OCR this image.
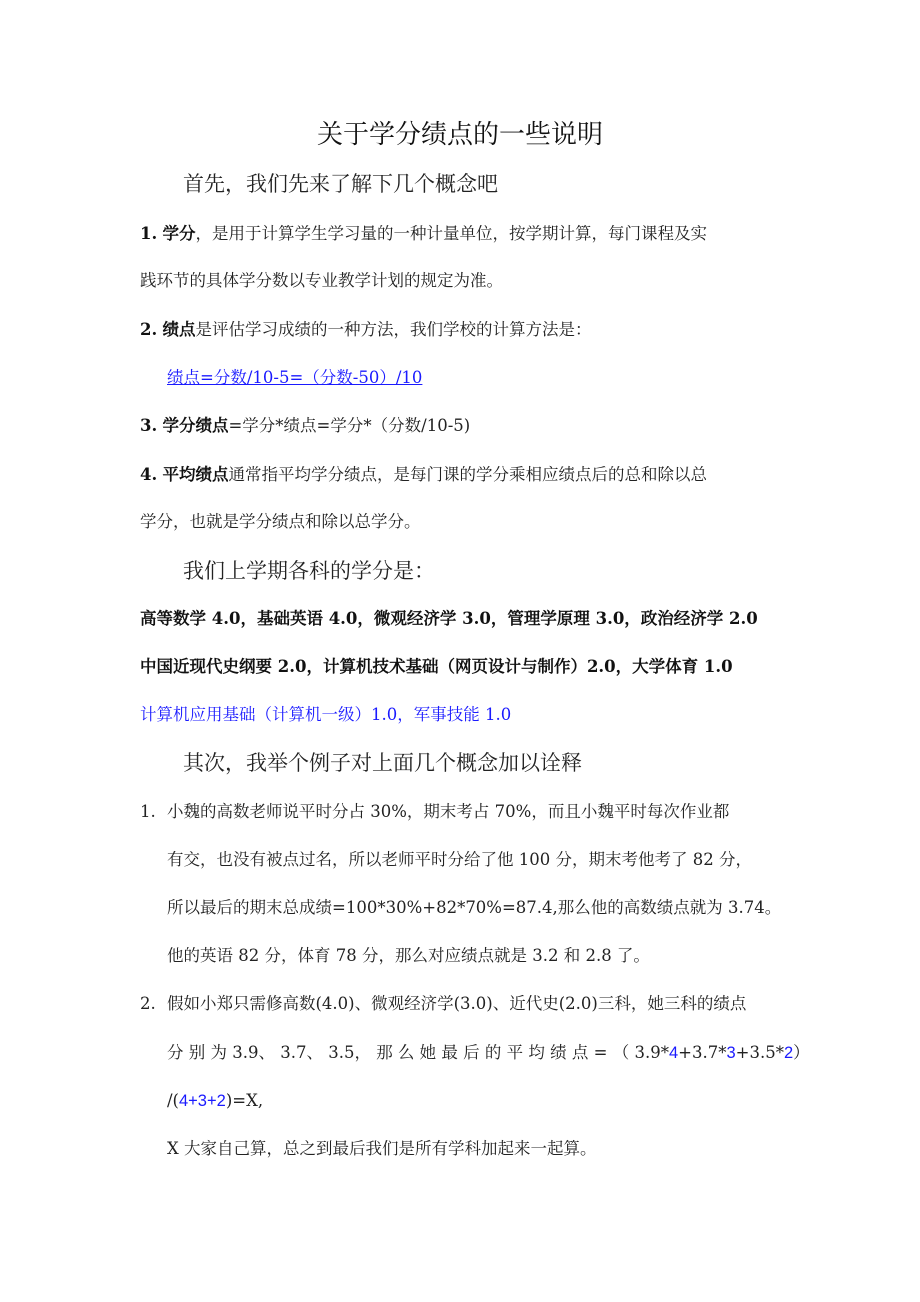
关于学分绩点的一些说明
首先，我们先来了解下几个概念吧
1. 学分，是用于计算学生学习量的一种计量单位，按学期计算，每门课程及实
践环节的具体学分数以专业教学计划的规定为准。
2. 绩点是评估学习成绩的一种方法，我们学校的计算方法是：
绩点=分数/10-5=（分数-50）/10
3. 学分绩点=学分*绩点=学分*（分数/10-5)
4. 平均绩点通常指平均学分绩点，是每门课的学分乘相应绩点后的总和除以总
学分，也就是学分绩点和除以总学分。
我们上学期各科的学分是：
高等数学 4.0，基础英语 4.0，微观经济学 3.0，管理学原理 3.0，政治经济学 2.0
中国近现代史纲要 2.0，计算机技术基础（网页设计与制作）2.0，大学体育 1.0
计算机应用基础（计算机一级）1.0，军事技能 1.0
其次，我举个例子对上面几个概念加以诠释
1. 小魏的高数老师说平时分占 30%，期末考占 70%，而且小魏平时每次作业都
有交，也没有被点过名，所以老师平时分给了他 100 分，期末考他考了 82 分，
所以最后的期末总成绩=100*30%+82*70%=87.4,那么他的高数绩点就为 3.74。
他的英语 82 分，体育 78 分，那么对应绩点就是 3.2 和 2.8 了。
2. 假如小郑只需修高数(4.0)、微观经济学(3.0)、近代史(2.0)三科，她三科的绩点
分 别 为 3.9、 3.7、 3.5， 那 么 她 最 后 的 平 均 绩 点 = （ 3.9*4+3.7*3+3.5*2）
/(4+3+2)=X,
X 大家自己算，总之到最后我们是所有学科加起来一起算。
